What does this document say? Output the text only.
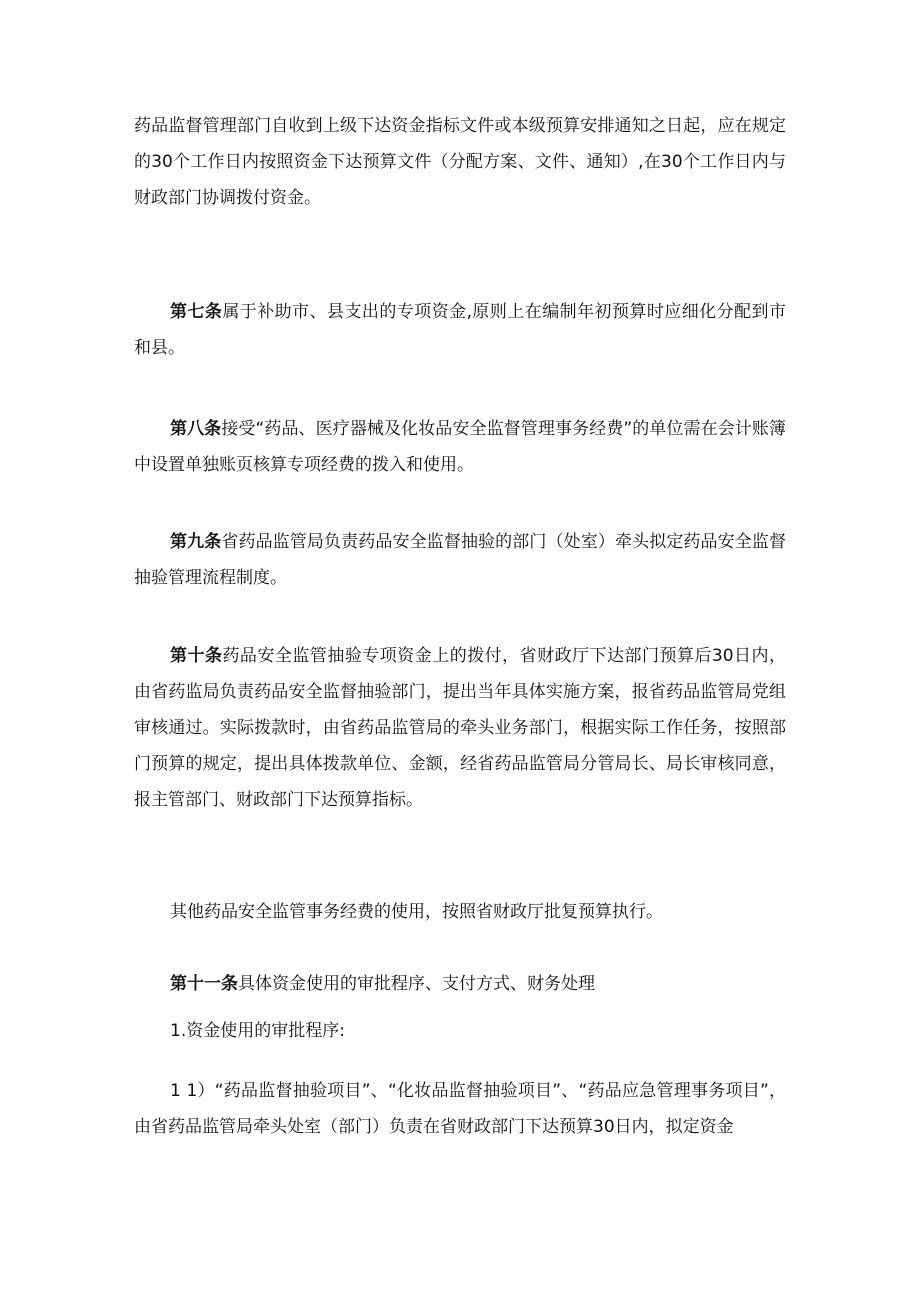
药品监督管理部门自收到上级下达资金指标文件或本级预算安排通知之日起，应在规定的30个工作日内按照资金下达预算文件（分配方案、文件、通知）,在30个工作日内与财政部门协调拨付资金。

第七条属于补助市、县支出的专项资金,原则上在编制年初预算时应细化分配到市和县。

第八条接受“药品、医疗器械及化妆品安全监督管理事务经费”的单位需在会计账簿中设置单独账页核算专项经费的拨入和使用。

第九条省药品监管局负责药品安全监督抽验的部门（处室）牵头拟定药品安全监督抽验管理流程制度。

第十条药品安全监管抽验专项资金上的拨付，省财政厅下达部门预算后30日内，由省药监局负责药品安全监督抽验部门，提出当年具体实施方案，报省药品监管局党组审核通过。实际拨款时，由省药品监管局的牵头业务部门，根据实际工作任务，按照部门预算的规定，提出具体拨款单位、金额，经省药品监管局分管局长、局长审核同意，报主管部门、财政部门下达预算指标。

其他药品安全监管事务经费的使用，按照省财政厅批复预算执行。

第十一条具体资金使用的审批程序、支付方式、财务处理

1.资金使用的审批程序:

1 1）“药品监督抽验项目”、“化妆品监督抽验项目”、“药品应急管理事务项目”，由省药品监管局牵头处室（部门）负责在省财政部门下达预算30日内，拟定资金
